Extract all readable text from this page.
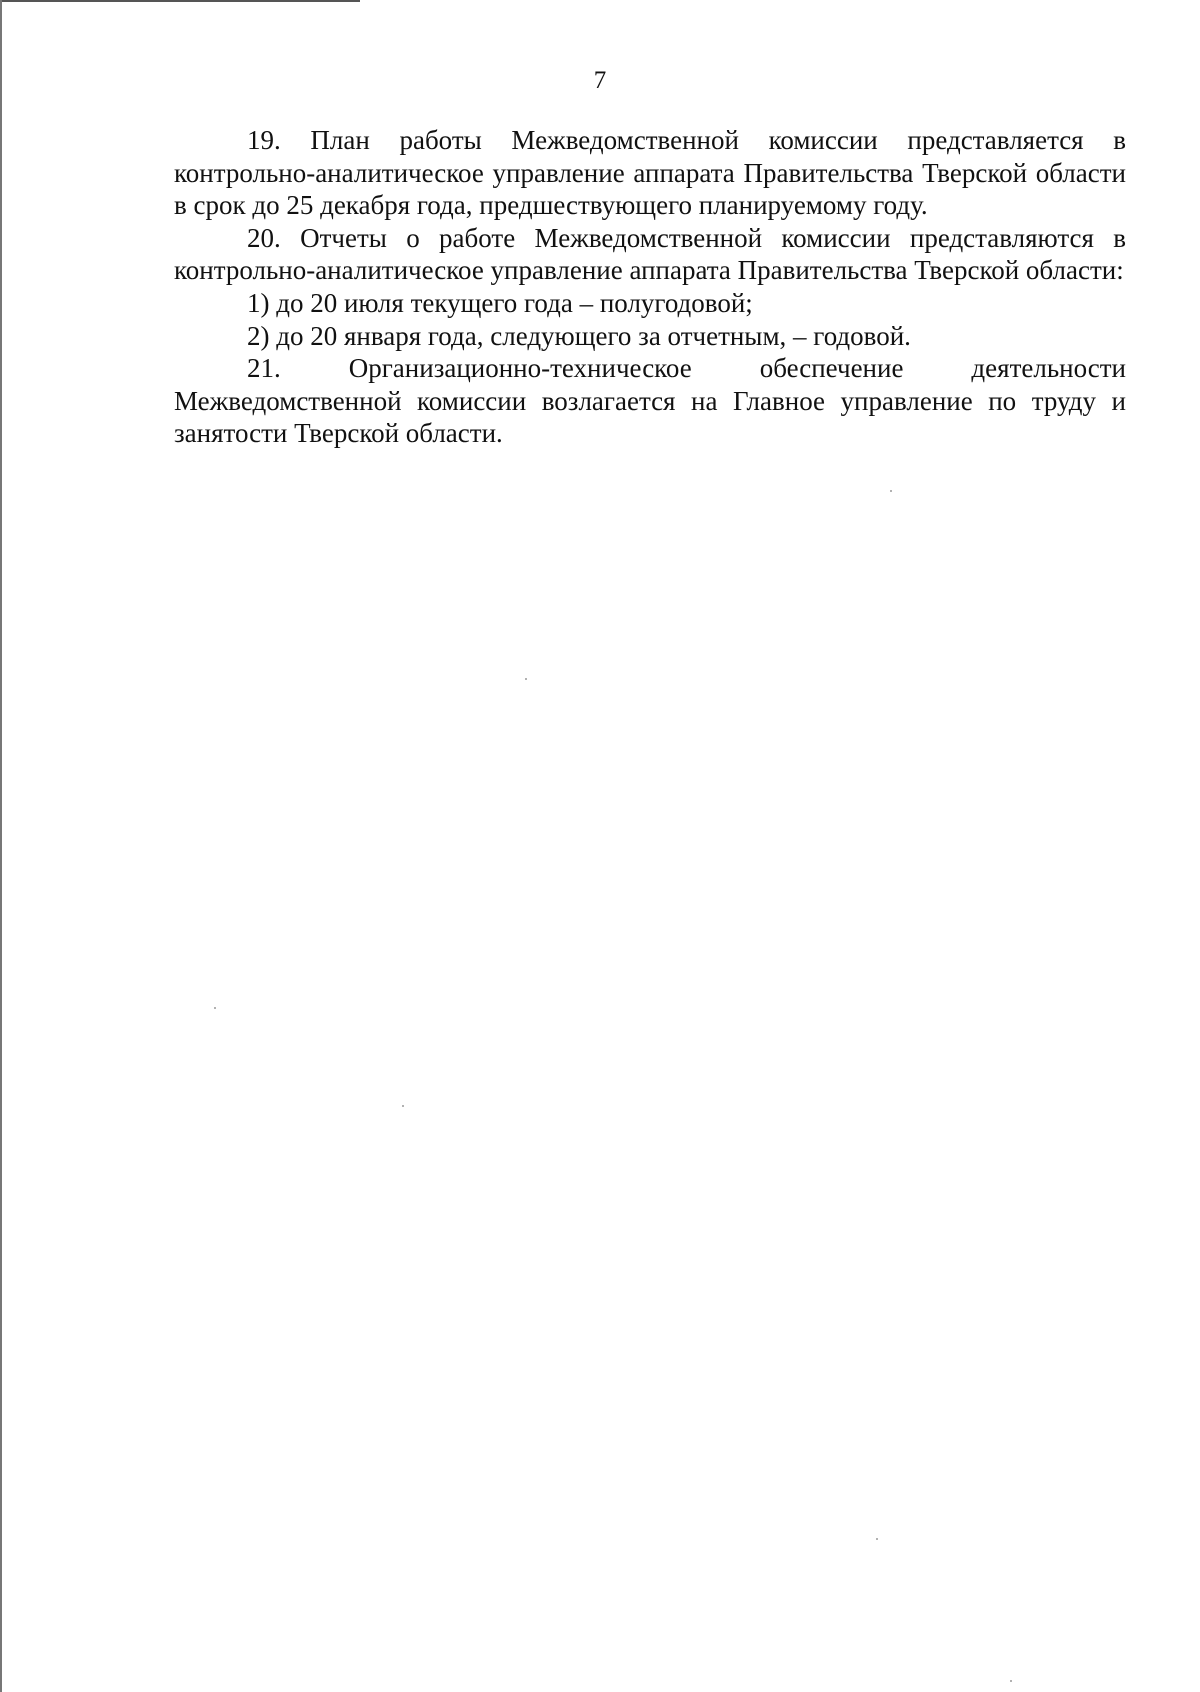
7

19. План работы Межведомственной комиссии представляется в контрольно-аналитическое управление аппарата Правительства Тверской области в срок до 25 декабря года, предшествующего планируемому году.

20. Отчеты о работе Межведомственной комиссии представляются в контрольно-аналитическое управление аппарата Правительства Тверской области:

1) до 20 июля текущего года – полугодовой;

2) до 20 января года, следующего за отчетным, – годовой.

21. Организационно-техническое обеспечение деятельности Межведомственной комиссии возлагается на Главное управление по труду и занятости Тверской области.
